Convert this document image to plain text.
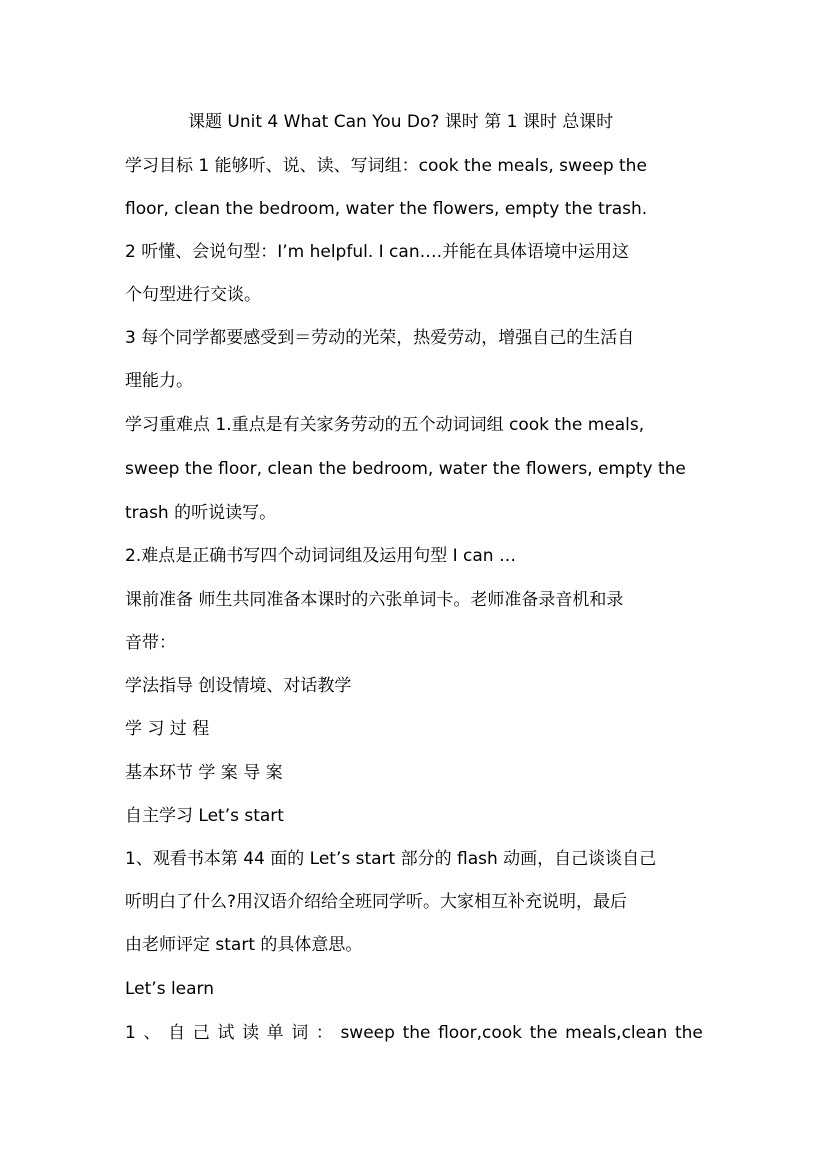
课题 Unit 4 What Can You Do? 课时 第 1 课时 总课时
学习目标 1 能够听、说、读、写词组：cook the meals, sweep the
floor, clean the bedroom, water the flowers, empty the trash.
2 听懂、会说句型：I’m helpful. I can….并能在具体语境中运用这
个句型进行交谈。
3 每个同学都要感受到＝劳动的光荣，热爱劳动，增强自己的生活自
理能力。
学习重难点 1.重点是有关家务劳动的五个动词词组 cook the meals,
sweep the floor, clean the bedroom, water the flowers, empty the
trash 的听说读写。
2.难点是正确书写四个动词词组及运用句型 I can …
课前准备 师生共同准备本课时的六张单词卡。老师准备录音机和录
音带：
学法指导 创设情境、对话教学
学 习 过 程
基本环节 学 案 导 案
自主学习 Let’s start
1、观看书本第 44 面的 Let’s start 部分的 flash 动画，自己谈谈自己
听明白了什么?用汉语介绍给全班同学听。大家相互补充说明，最后
由老师评定 start 的具体意思。
Let’s learn
1 、 自 己 试 读 单 词 ： sweep the floor,cook the meals,clean the
